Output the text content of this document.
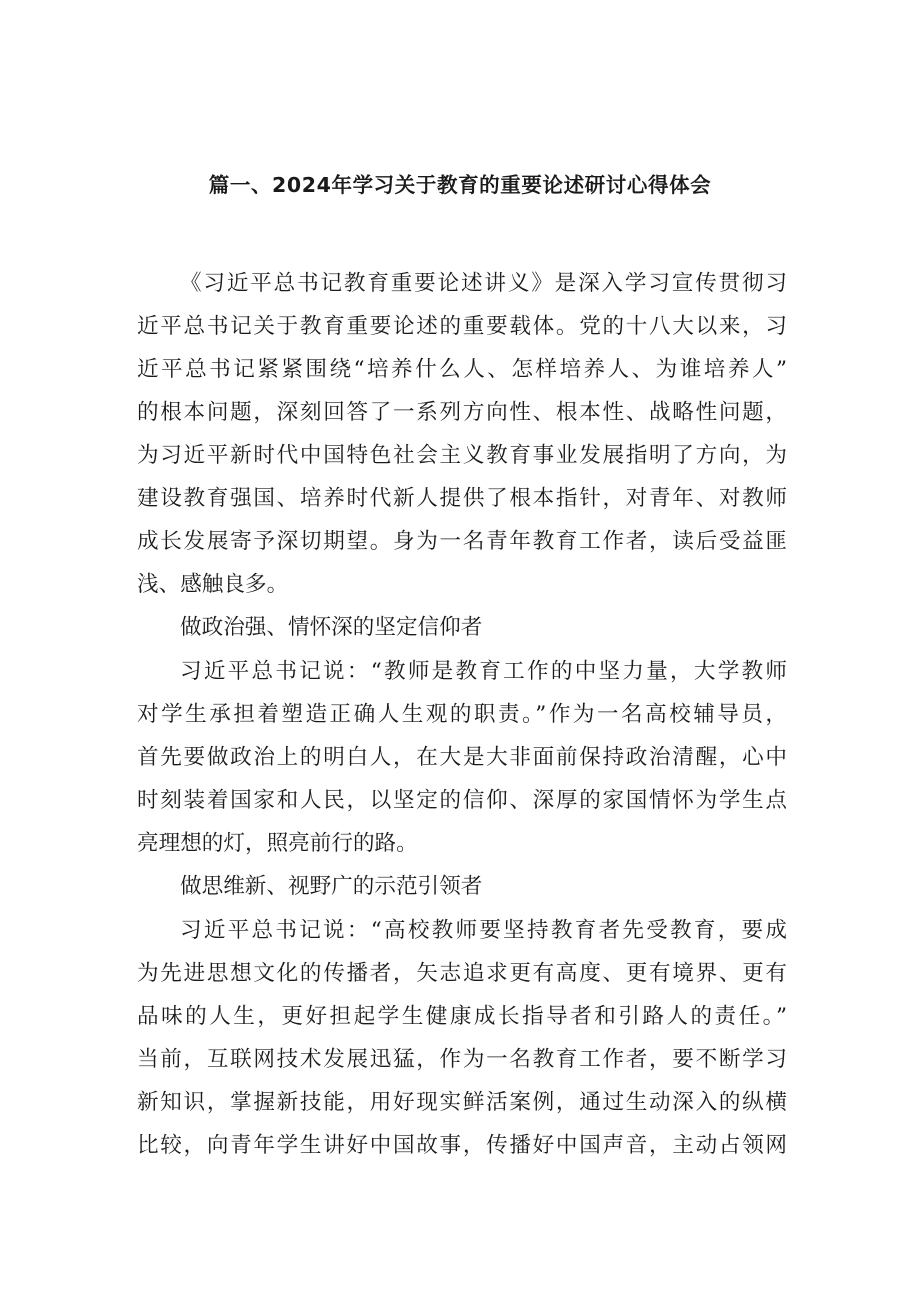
篇一、2024年学习关于教育的重要论述研讨心得体会

《习近平总书记教育重要论述讲义》是深入学习宣传贯彻习

近平总书记关于教育重要论述的重要载体。党的十八大以来，习

近平总书记紧紧围绕“培养什么人、怎样培养人、为谁培养人”

的根本问题，深刻回答了一系列方向性、根本性、战略性问题，

为习近平新时代中国特色社会主义教育事业发展指明了方向，为

建设教育强国、培养时代新人提供了根本指针，对青年、对教师

成长发展寄予深切期望。身为一名青年教育工作者，读后受益匪

浅、感触良多。

做政治强、情怀深的坚定信仰者

习近平总书记说：“教师是教育工作的中坚力量，大学教师

对学生承担着塑造正确人生观的职责。”作为一名高校辅导员，

首先要做政治上的明白人，在大是大非面前保持政治清醒，心中

时刻装着国家和人民，以坚定的信仰、深厚的家国情怀为学生点

亮理想的灯，照亮前行的路。

做思维新、视野广的示范引领者

习近平总书记说：“高校教师要坚持教育者先受教育，要成

为先进思想文化的传播者，矢志追求更有高度、更有境界、更有

品味的人生，更好担起学生健康成长指导者和引路人的责任。”

当前，互联网技术发展迅猛，作为一名教育工作者，要不断学习

新知识，掌握新技能，用好现实鲜活案例，通过生动深入的纵横

比较，向青年学生讲好中国故事，传播好中国声音，主动占领网
